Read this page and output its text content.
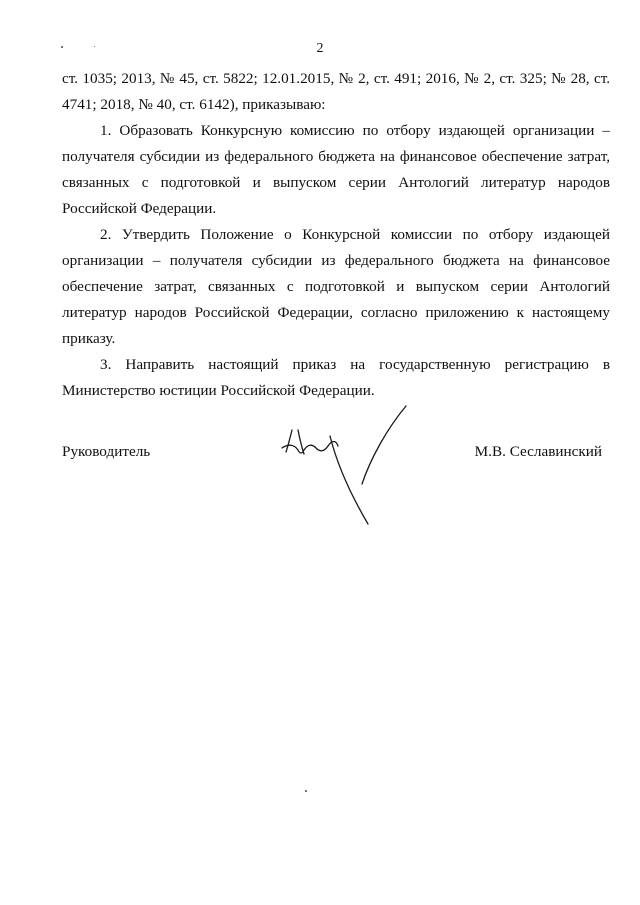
2
ст. 1035; 2013, № 45, ст. 5822; 12.01.2015, № 2, ст. 491; 2016, № 2, ст. 325; № 28, ст. 4741; 2018, № 40, ст. 6142), приказываю:
1. Образовать Конкурсную комиссию по отбору издающей организации – получателя субсидии из федерального бюджета на финансовое обеспечение затрат, связанных с подготовкой и выпуском серии Антологий литератур народов Российской Федерации.
2. Утвердить Положение о Конкурсной комиссии по отбору издающей организации – получателя субсидии из федерального бюджета на финансовое обеспечение затрат, связанных с подготовкой и выпуском серии Антологий литератур народов Российской Федерации, согласно приложению к настоящему приказу.
3. Направить настоящий приказ на государственную регистрацию в Министерство юстиции Российской Федерации.
Руководитель	М.В. Сеславинский
